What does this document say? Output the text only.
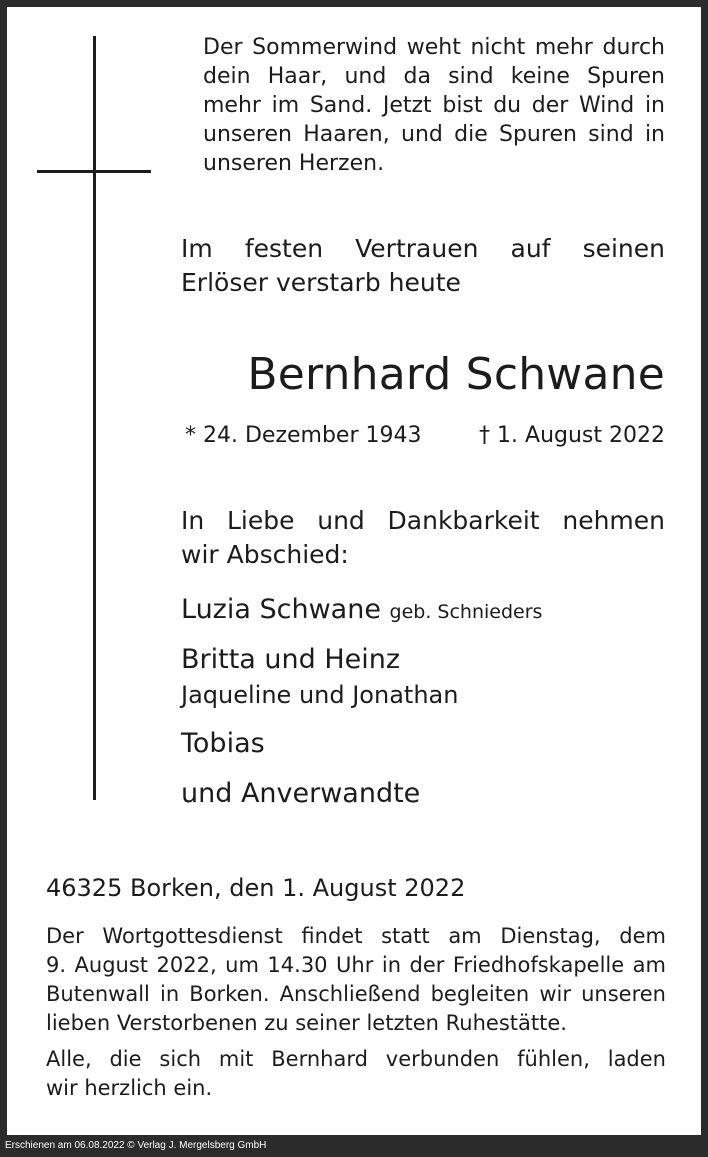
Der Sommerwind weht nicht mehr durch
dein Haar, und da sind keine Spuren
mehr im Sand. Jetzt bist du der Wind in
unseren Haaren, und die Spuren sind in
unseren Herzen.
Im festen Vertrauen auf seinen
Erlöser verstarb heute
Bernhard Schwane
* 24. Dezember 1943	† 1. August 2022
In Liebe und Dankbarkeit nehmen
wir Abschied:
Luzia Schwane geb. Schnieders
Britta und Heinz
Jaqueline und Jonathan
Tobias
und Anverwandte
46325 Borken, den 1. August 2022
Der Wortgottesdienst findet statt am Dienstag, dem
9. August 2022, um 14.30 Uhr in der Friedhofskapelle am
Butenwall in Borken. Anschließend begleiten wir unseren
lieben Verstorbenen zu seiner letzten Ruhestätte.
Alle, die sich mit Bernhard verbunden fühlen, laden
wir herzlich ein.
Erschienen am 06.08.2022 © Verlag J. Mergelsberg GmbH
